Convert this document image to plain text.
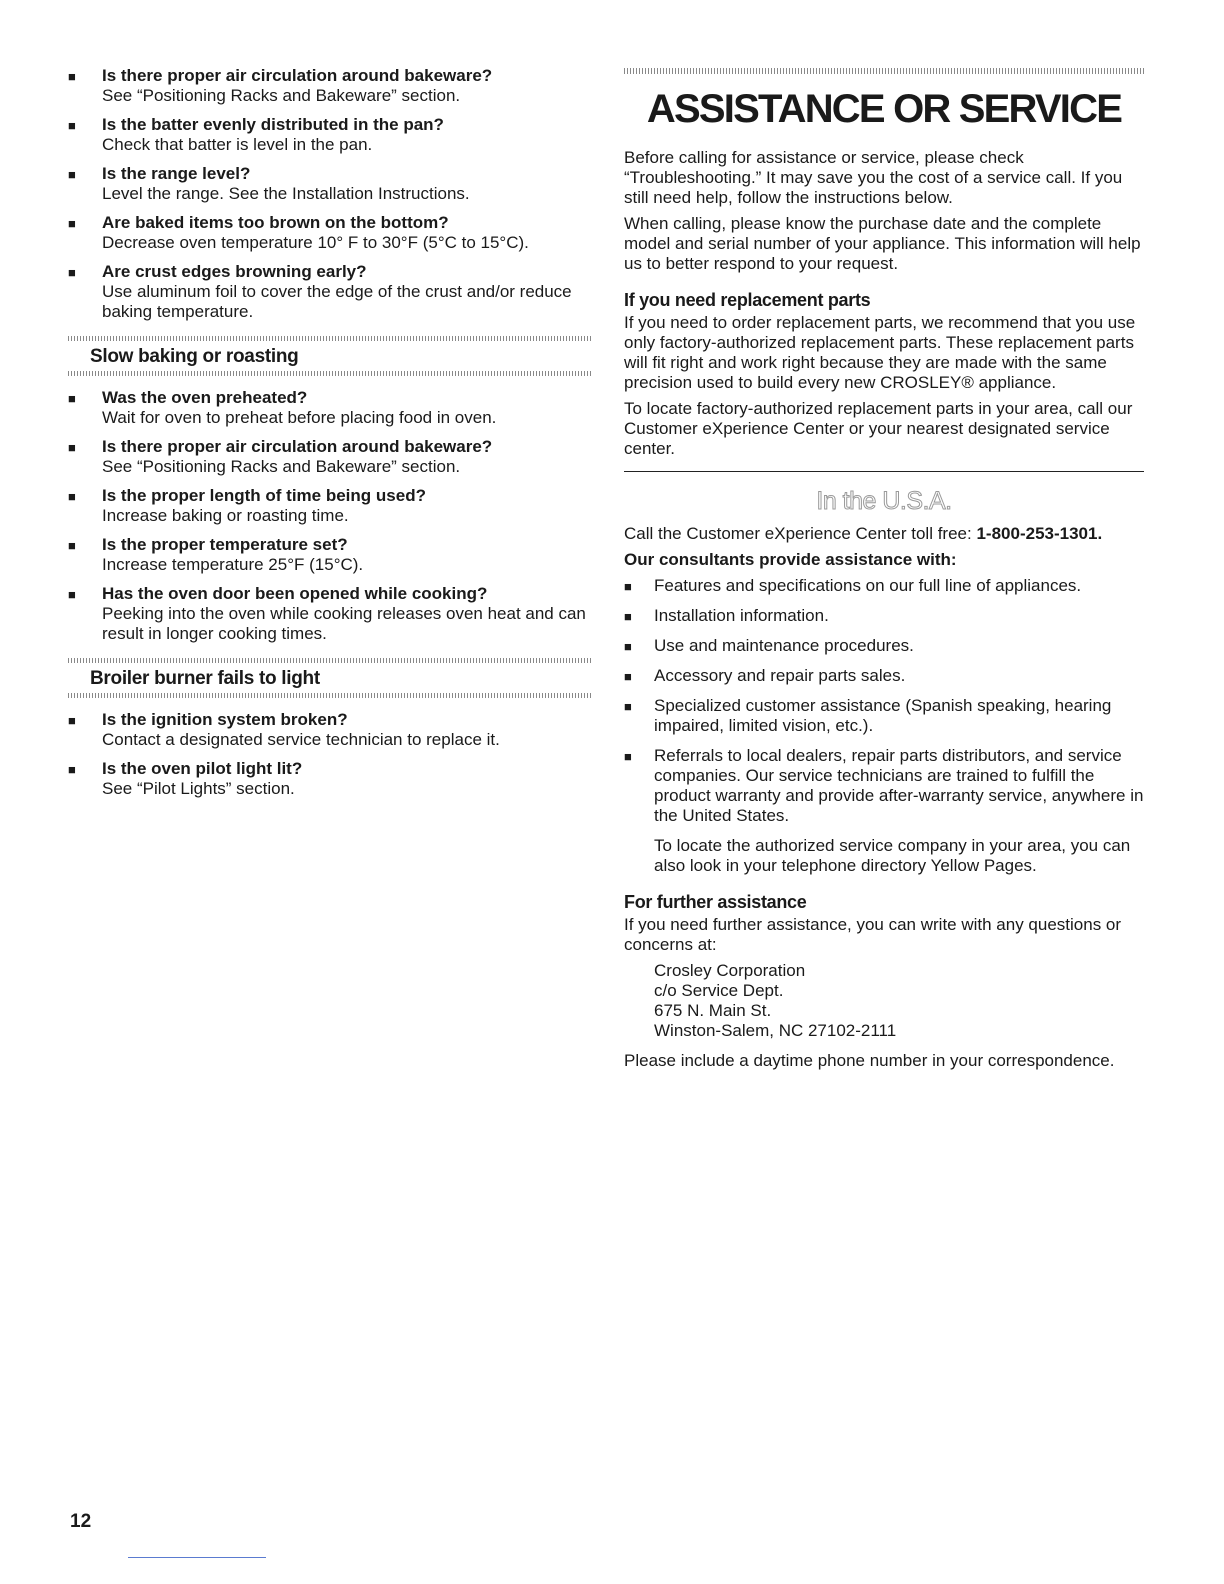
■ Is there proper air circulation around bakeware?
See “Positioning Racks and Bakeware” section.
■ Is the batter evenly distributed in the pan?
Check that batter is level in the pan.
■ Is the range level?
Level the range. See the Installation Instructions.
■ Are baked items too brown on the bottom?
Decrease oven temperature 10° F to 30°F (5°C to 15°C).
■ Are crust edges browning early?
Use aluminum foil to cover the edge of the crust and/or reduce baking temperature.
Slow baking or roasting
■ Was the oven preheated?
Wait for oven to preheat before placing food in oven.
■ Is there proper air circulation around bakeware?
See “Positioning Racks and Bakeware” section.
■ Is the proper length of time being used?
Increase baking or roasting time.
■ Is the proper temperature set?
Increase temperature 25°F (15°C).
■ Has the oven door been opened while cooking?
Peeking into the oven while cooking releases oven heat and can result in longer cooking times.
Broiler burner fails to light
■ Is the ignition system broken?
Contact a designated service technician to replace it.
■ Is the oven pilot light lit?
See “Pilot Lights” section.
ASSISTANCE OR SERVICE

Before calling for assistance or service, please check “Troubleshooting.” It may save you the cost of a service call. If you still need help, follow the instructions below.

When calling, please know the purchase date and the complete model and serial number of your appliance. This information will help us to better respond to your request.

If you need replacement parts

If you need to order replacement parts, we recommend that you use only factory-authorized replacement parts. These replacement parts will fit right and work right because they are made with the same precision used to build every new CROSLEY® appliance.

To locate factory-authorized replacement parts in your area, call our Customer eXperience Center or your nearest designated service center.

In the U.S.A.

Call the Customer eXperience Center toll free: 1-800-253-1301.

Our consultants provide assistance with:

■ Features and specifications on our full line of appliances.
■ Installation information.
■ Use and maintenance procedures.
■ Accessory and repair parts sales.
■ Specialized customer assistance (Spanish speaking, hearing impaired, limited vision, etc.).
■ Referrals to local dealers, repair parts distributors, and service companies. Our service technicians are trained to fulfill the product warranty and provide after-warranty service, anywhere in the United States.

To locate the authorized service company in your area, you can also look in your telephone directory Yellow Pages.

For further assistance

If you need further assistance, you can write with any questions or concerns at:

Crosley Corporation
c/o Service Dept.
675 N. Main St.
Winston-Salem, NC 27102-2111

Please include a daytime phone number in your correspondence.

12
